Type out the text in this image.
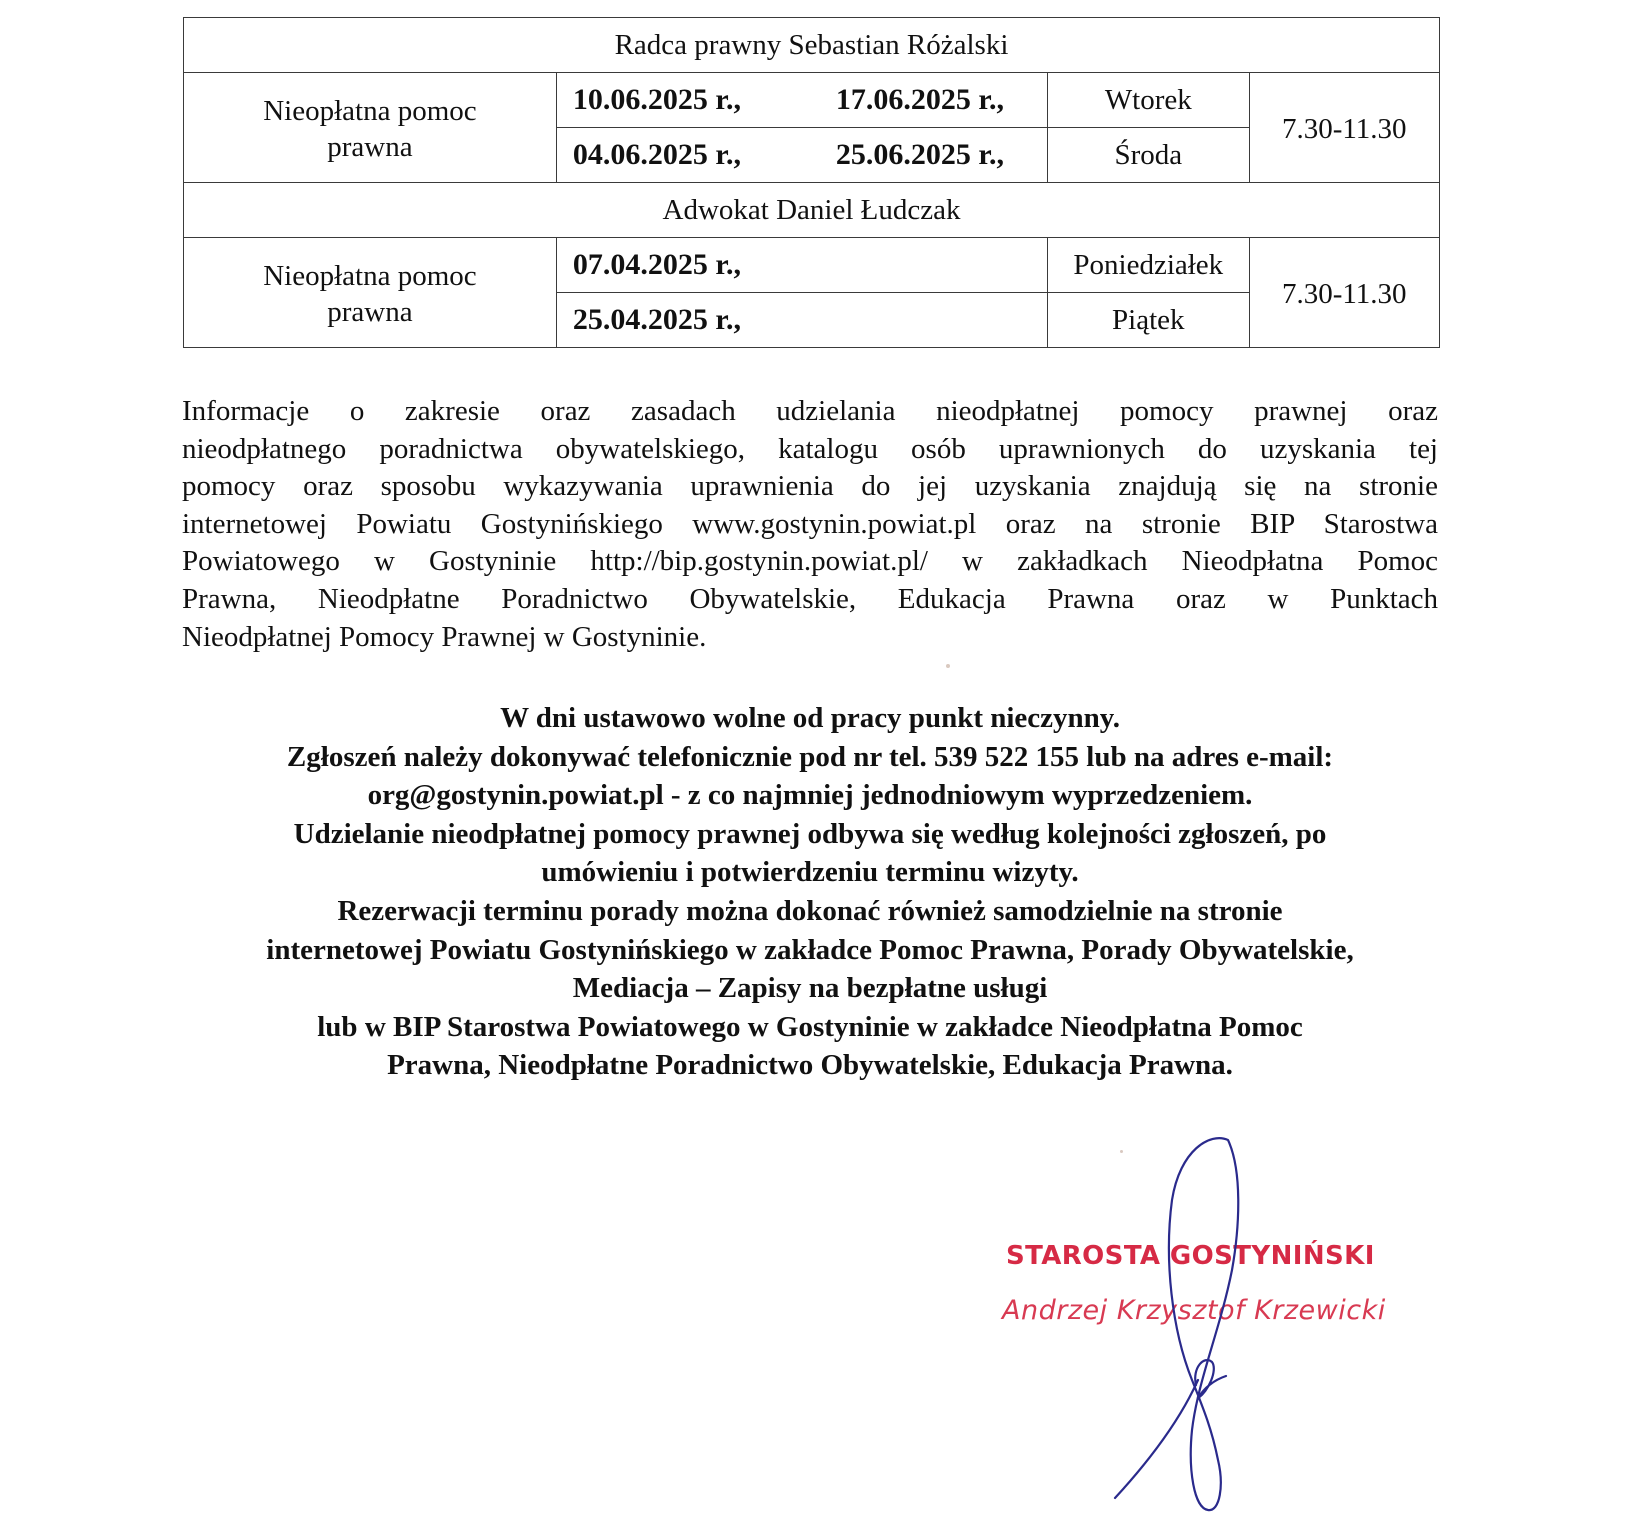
Radca prawny Sebastian Różalski			

Nieopłatna pomoc
prawna	10.06.2025 r., 17.06.2025 r.,	Wtorek	7.30-11.30

	04.06.2025 r., 25.06.2025 r.,	Środa	
Adwokat Daniel Łudczak			

Nieopłatna pomoc
prawna	07.04.2025 r.,	Poniedziałek	7.30-11.30

	25.04.2025 r.,	Piątek	

Informacje o zakresie oraz zasadach udzielania nieodpłatnej pomocy prawnej oraz
nieodpłatnego poradnictwa obywatelskiego, katalogu osób uprawnionych do uzyskania tej
pomocy oraz sposobu wykazywania uprawnienia do jej uzyskania znajdują się na stronie
internetowej Powiatu Gostynińskiego www.gostynin.powiat.pl oraz na stronie BIP Starostwa
Powiatowego w Gostyninie http://bip.gostynin.powiat.pl/ w zakładkach Nieodpłatna Pomoc
Prawna, Nieodpłatne Poradnictwo Obywatelskie, Edukacja Prawna oraz w Punktach
Nieodpłatnej Pomocy Prawnej w Gostyninie.

W dni ustawowo wolne od pracy punkt nieczynny.
Zgłoszeń należy dokonywać telefonicznie pod nr tel. 539 522 155 lub na adres e-mail:
org@gostynin.powiat.pl - z co najmniej jednodniowym wyprzedzeniem.
Udzielanie nieodpłatnej pomocy prawnej odbywa się według kolejności zgłoszeń, po
umówieniu i potwierdzeniu terminu wizyty.
Rezerwacji terminu porady można dokonać również samodzielnie na stronie
internetowej Powiatu Gostynińskiego w zakładce Pomoc Prawna, Porady Obywatelskie,
Mediacja – Zapisy na bezpłatne usługi
lub w BIP Starostwa Powiatowego w Gostyninie w zakładce Nieodpłatna Pomoc
Prawna, Nieodpłatne Poradnictwo Obywatelskie, Edukacja Prawna.

STAROSTA GOSTYNIŃSKI
Andrzej Krzysztof Krzewicki
